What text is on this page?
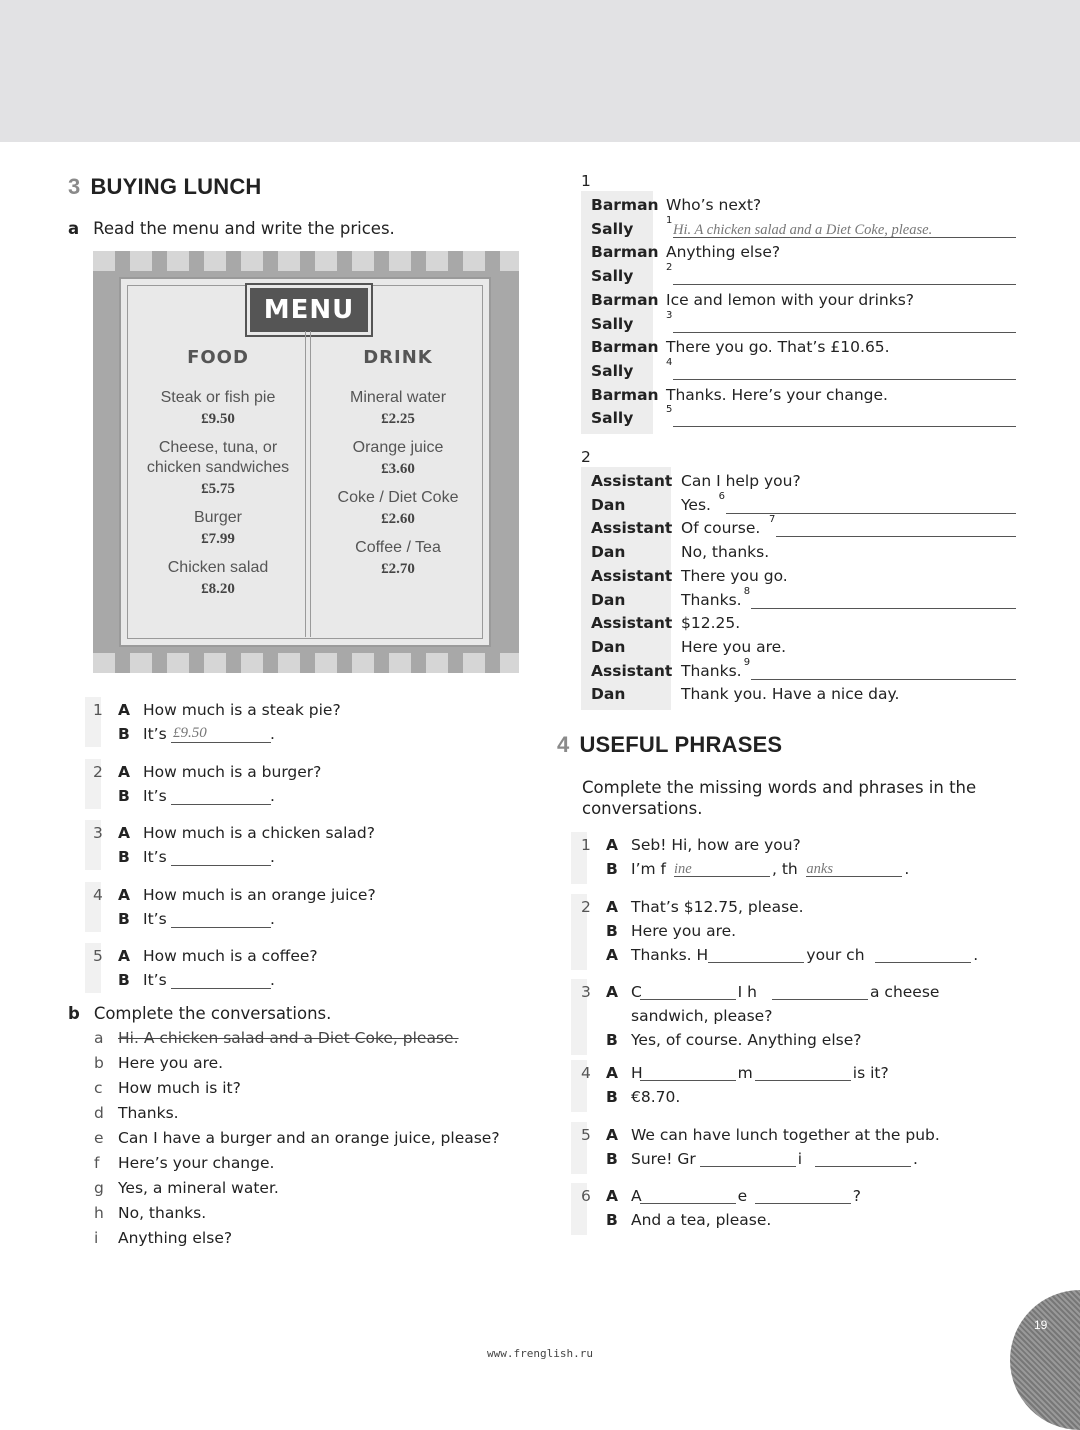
3 BUYING LUNCH
a Read the menu and write the prices.
MENU
FOOD
Steak or fish pie
£9.50
Cheese, tuna, or chicken sandwiches
£5.75
Burger
£7.99
Chicken salad
£8.20
DRINK
Mineral water
£2.25
Orange juice
£3.60
Coke / Diet Coke
£2.60
Coffee / Tea
£2.70
1 A How much is a steak pie?
B It’s £9.50	.
2 A How much is a burger?
B It’s	.
3 A How much is a chicken salad?
B It’s	.
4 A How much is an orange juice?
B It’s	.
5 A How much is a coffee?
B It’s	.
b Complete the conversations.
a Hi. A chicken salad and a Diet Coke, please.
b Here you are.
c How much is it?
d Thanks.
e Can I have a burger and an orange juice, please?
f Here’s your change.
g Yes, a mineral water.
h No, thanks.
i Anything else?
1
Barman Who’s next?
Sally	1
Hi. A chicken salad and a Diet Coke, please.
Barman Anything else?
Sally	2
Barman Ice and lemon with your drinks?
Sally	3
Barman There you go. That’s £10.65.
Sally	4
Barman Thanks. Here’s your change.
Sally	5
2
Assistant Can I help you?
Dan	Yes. 6
Assistant Of course. 7
Dan	No, thanks.
Assistant There you go.
Dan	Thanks. 8
Assistant $12.25.
Dan	Here you are.
Assistant Thanks. 9
Dan	Thank you. Have a nice day.
4 USEFUL PHRASES
Complete the missing words and phrases in the conversations.
1 A Seb! Hi, how are you?
B I’m f ine	, th anks	.
2 A That’s $12.75, please.
B Here you are.
A Thanks. H	your ch	.
3 A C	I h	a cheese
sandwich, please?
B Yes, of course. Anything else?
4 A H	m	is it?
B €8.70.
5 A We can have lunch together at the pub.
B Sure! Gr	i	.
6 A A	e	?
B And a tea, please.
www.frenglish.ru
19
